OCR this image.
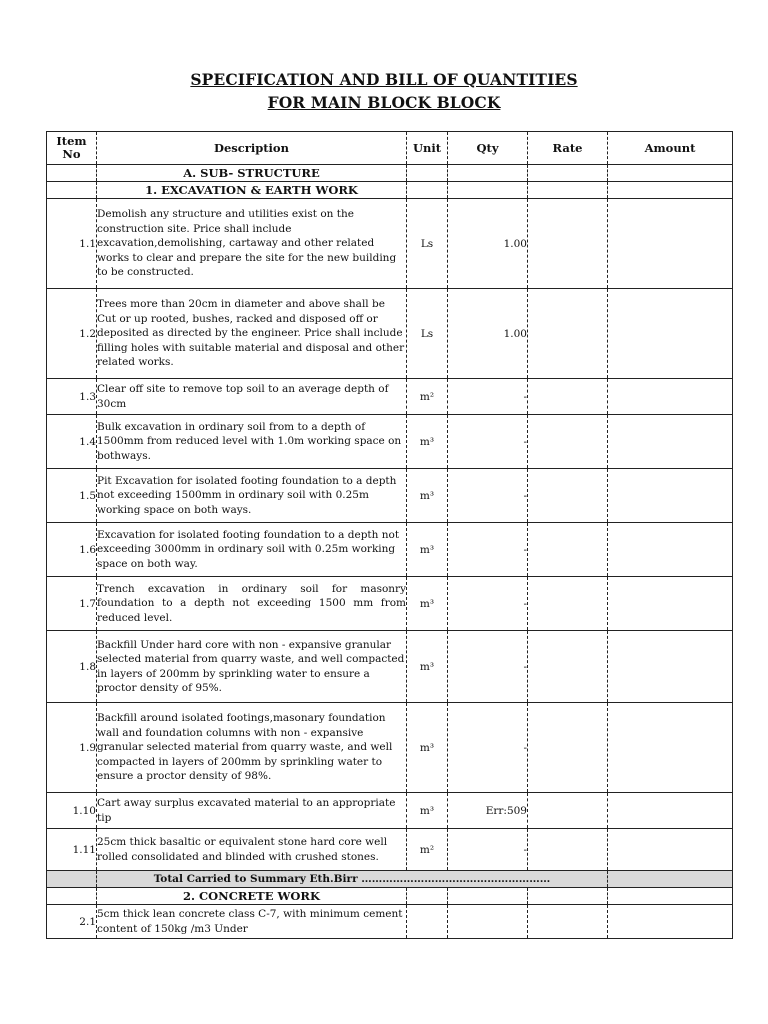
SPECIFICATION AND BILL OF QUANTITIES
FOR MAIN BLOCK BLOCK
Item No	Description	Unit	Qty	Rate	Amount
	A. SUB- STRUCTURE				
	1. EXCAVATION & EARTH WORK				
1.1	Demolish any structure and utilities exist on the construction site. Price shall include excavation,demolishing, cartaway and other related works to clear and prepare the site for the new building to be constructed.	Ls	1.00		
1.2	Trees more than 20cm in diameter and above shall be Cut or up rooted, bushes, racked and disposed off or deposited as directed by the engineer. Price shall include filling holes with suitable material and disposal and other related works.	Ls	1.00		
1.3	Clear off site to remove top soil to an average depth of 30cm	m²	-		
1.4	Bulk excavation in ordinary soil from to a depth of 1500mm from reduced level with 1.0m working space on bothways.	m³	-		
1.5	Pit Excavation for isolated footing foundation to a depth not exceeding 1500mm in ordinary soil with 0.25m working space on both ways.	m³	-		
1.6	Excavation for isolated footing foundation to a depth not exceeding 3000mm in ordinary soil with 0.25m working space on both way.	m³	-		
1.7	Trench excavation in ordinary soil for masonry foundation to a depth not exceeding 1500 mm from reduced level.	m³	-		
1.8	Backfill Under hard core with non - expansive granular selected material from quarry waste, and well compacted in layers of 200mm by sprinkling water to ensure a proctor density of 95%.	m³	-		
1.9	Backfill around isolated footings,masonary foundation wall and foundation columns with non - expansive granular selected material from quarry waste, and well compacted in layers of 200mm by sprinkling water to ensure a proctor density of 98%.	m³	-		
1.10	Cart away surplus excavated material to an appropriate tip	m³	Err:509		
1.11	25cm thick basaltic or equivalent stone hard core well rolled consolidated and blinded with crushed stones.	m²	-		
	Total Carried to Summary Eth.Birr ………………………………………………				
	2. CONCRETE WORK				
2.1	5cm thick lean concrete class C-7, with minimum cement content of 150kg /m3 Under				
